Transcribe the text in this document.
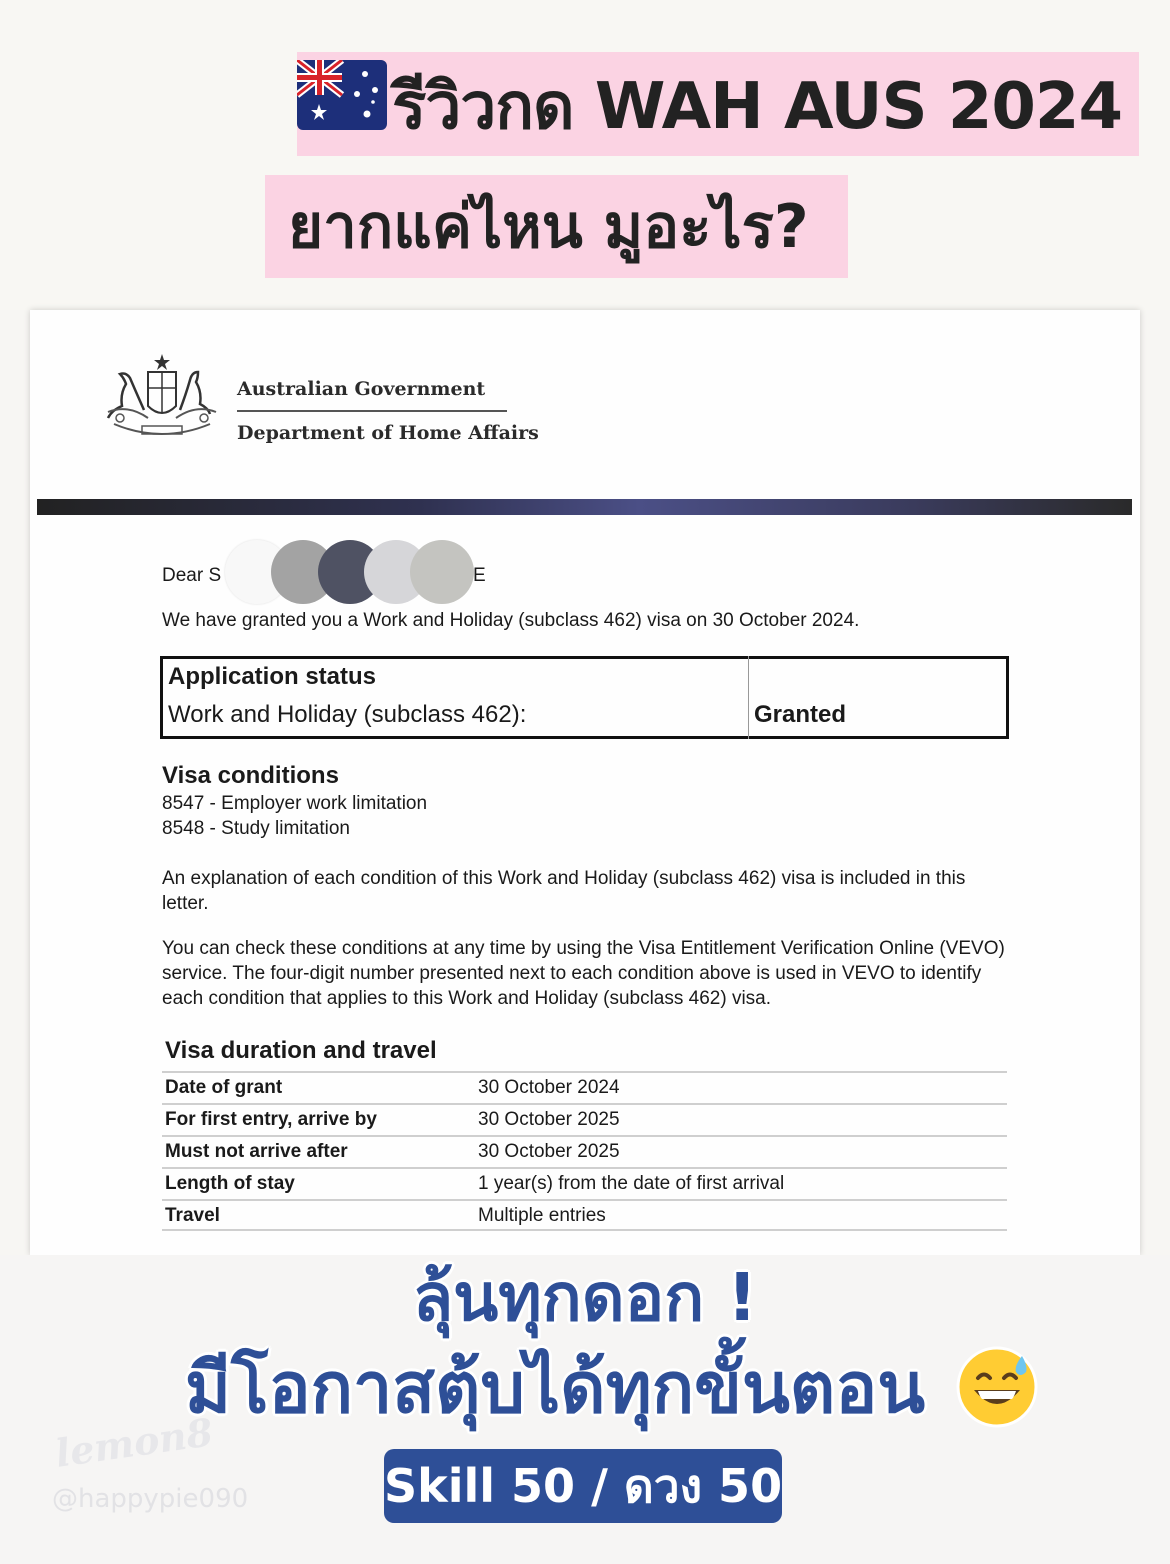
รีวิวกด WAH AUS 2024
ยากแค่ไหน มูอะไร?
Australian Government
Department of Home Affairs
Dear S	E
We have granted you a Work and Holiday (subclass 462) visa on 30 October 2024.
Application status
Work and Holiday (subclass 462):	Granted
Visa conditions
8547 - Employer work limitation
8548 - Study limitation
An explanation of each condition of this Work and Holiday (subclass 462) visa is included in this letter.
You can check these conditions at any time by using the Visa Entitlement Verification Online (VEVO) service. The four-digit number presented next to each condition above is used in VEVO to identify each condition that applies to this Work and Holiday (subclass 462) visa.
Visa duration and travel
Date of grant	30 October 2024
For first entry, arrive by	30 October 2025
Must not arrive after	30 October 2025
Length of stay	1 year(s) from the date of first arrival
Travel	Multiple entries
lemon8
@happypie090
ลุ้นทุกดอก !
มีโอกาสตุ้บได้ทุกขั้นตอน
Skill 50 / ดวง 50
